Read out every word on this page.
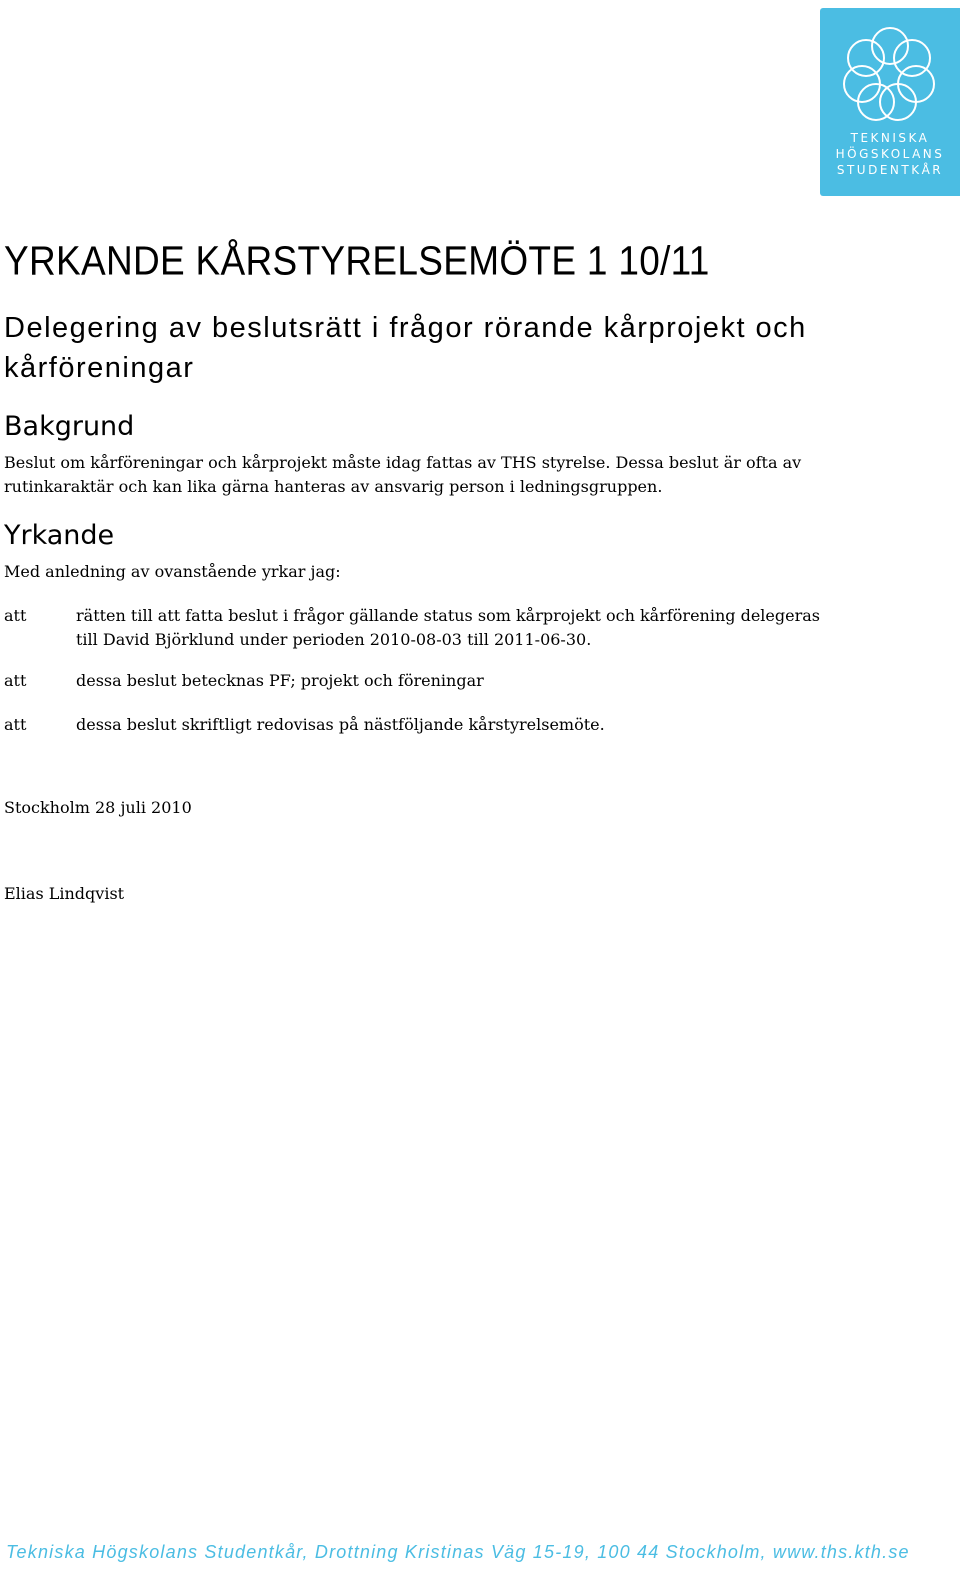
TEKNISKA
HÖGSKOLANS
STUDENTKÅR
YRKANDE KÅRSTYRELSEMÖTE 1 10/11
Delegering av beslutsrätt i frågor rörande kårprojekt och kårföreningar
Bakgrund

Beslut om kårföreningar och kårprojekt måste idag fattas av THS styrelse. Dessa beslut är ofta av rutinkaraktär och kan lika gärna hanteras av ansvarig person i ledningsgruppen.

Yrkande

Med anledning av ovanstående yrkar jag:

att	rätten till att fatta beslut i frågor gällande status som kårprojekt och kårförening delegeras till David Björklund under perioden 2010-08-03 till 2011-06-30.
att	dessa beslut betecknas PF; projekt och föreningar
att	dessa beslut skriftligt redovisas på nästföljande kårstyrelsemöte.
Stockholm 28 juli 2010
Elias Lindqvist
Tekniska Högskolans Studentkår, Drottning Kristinas Väg 15-19, 100 44 Stockholm, www.ths.kth.se
